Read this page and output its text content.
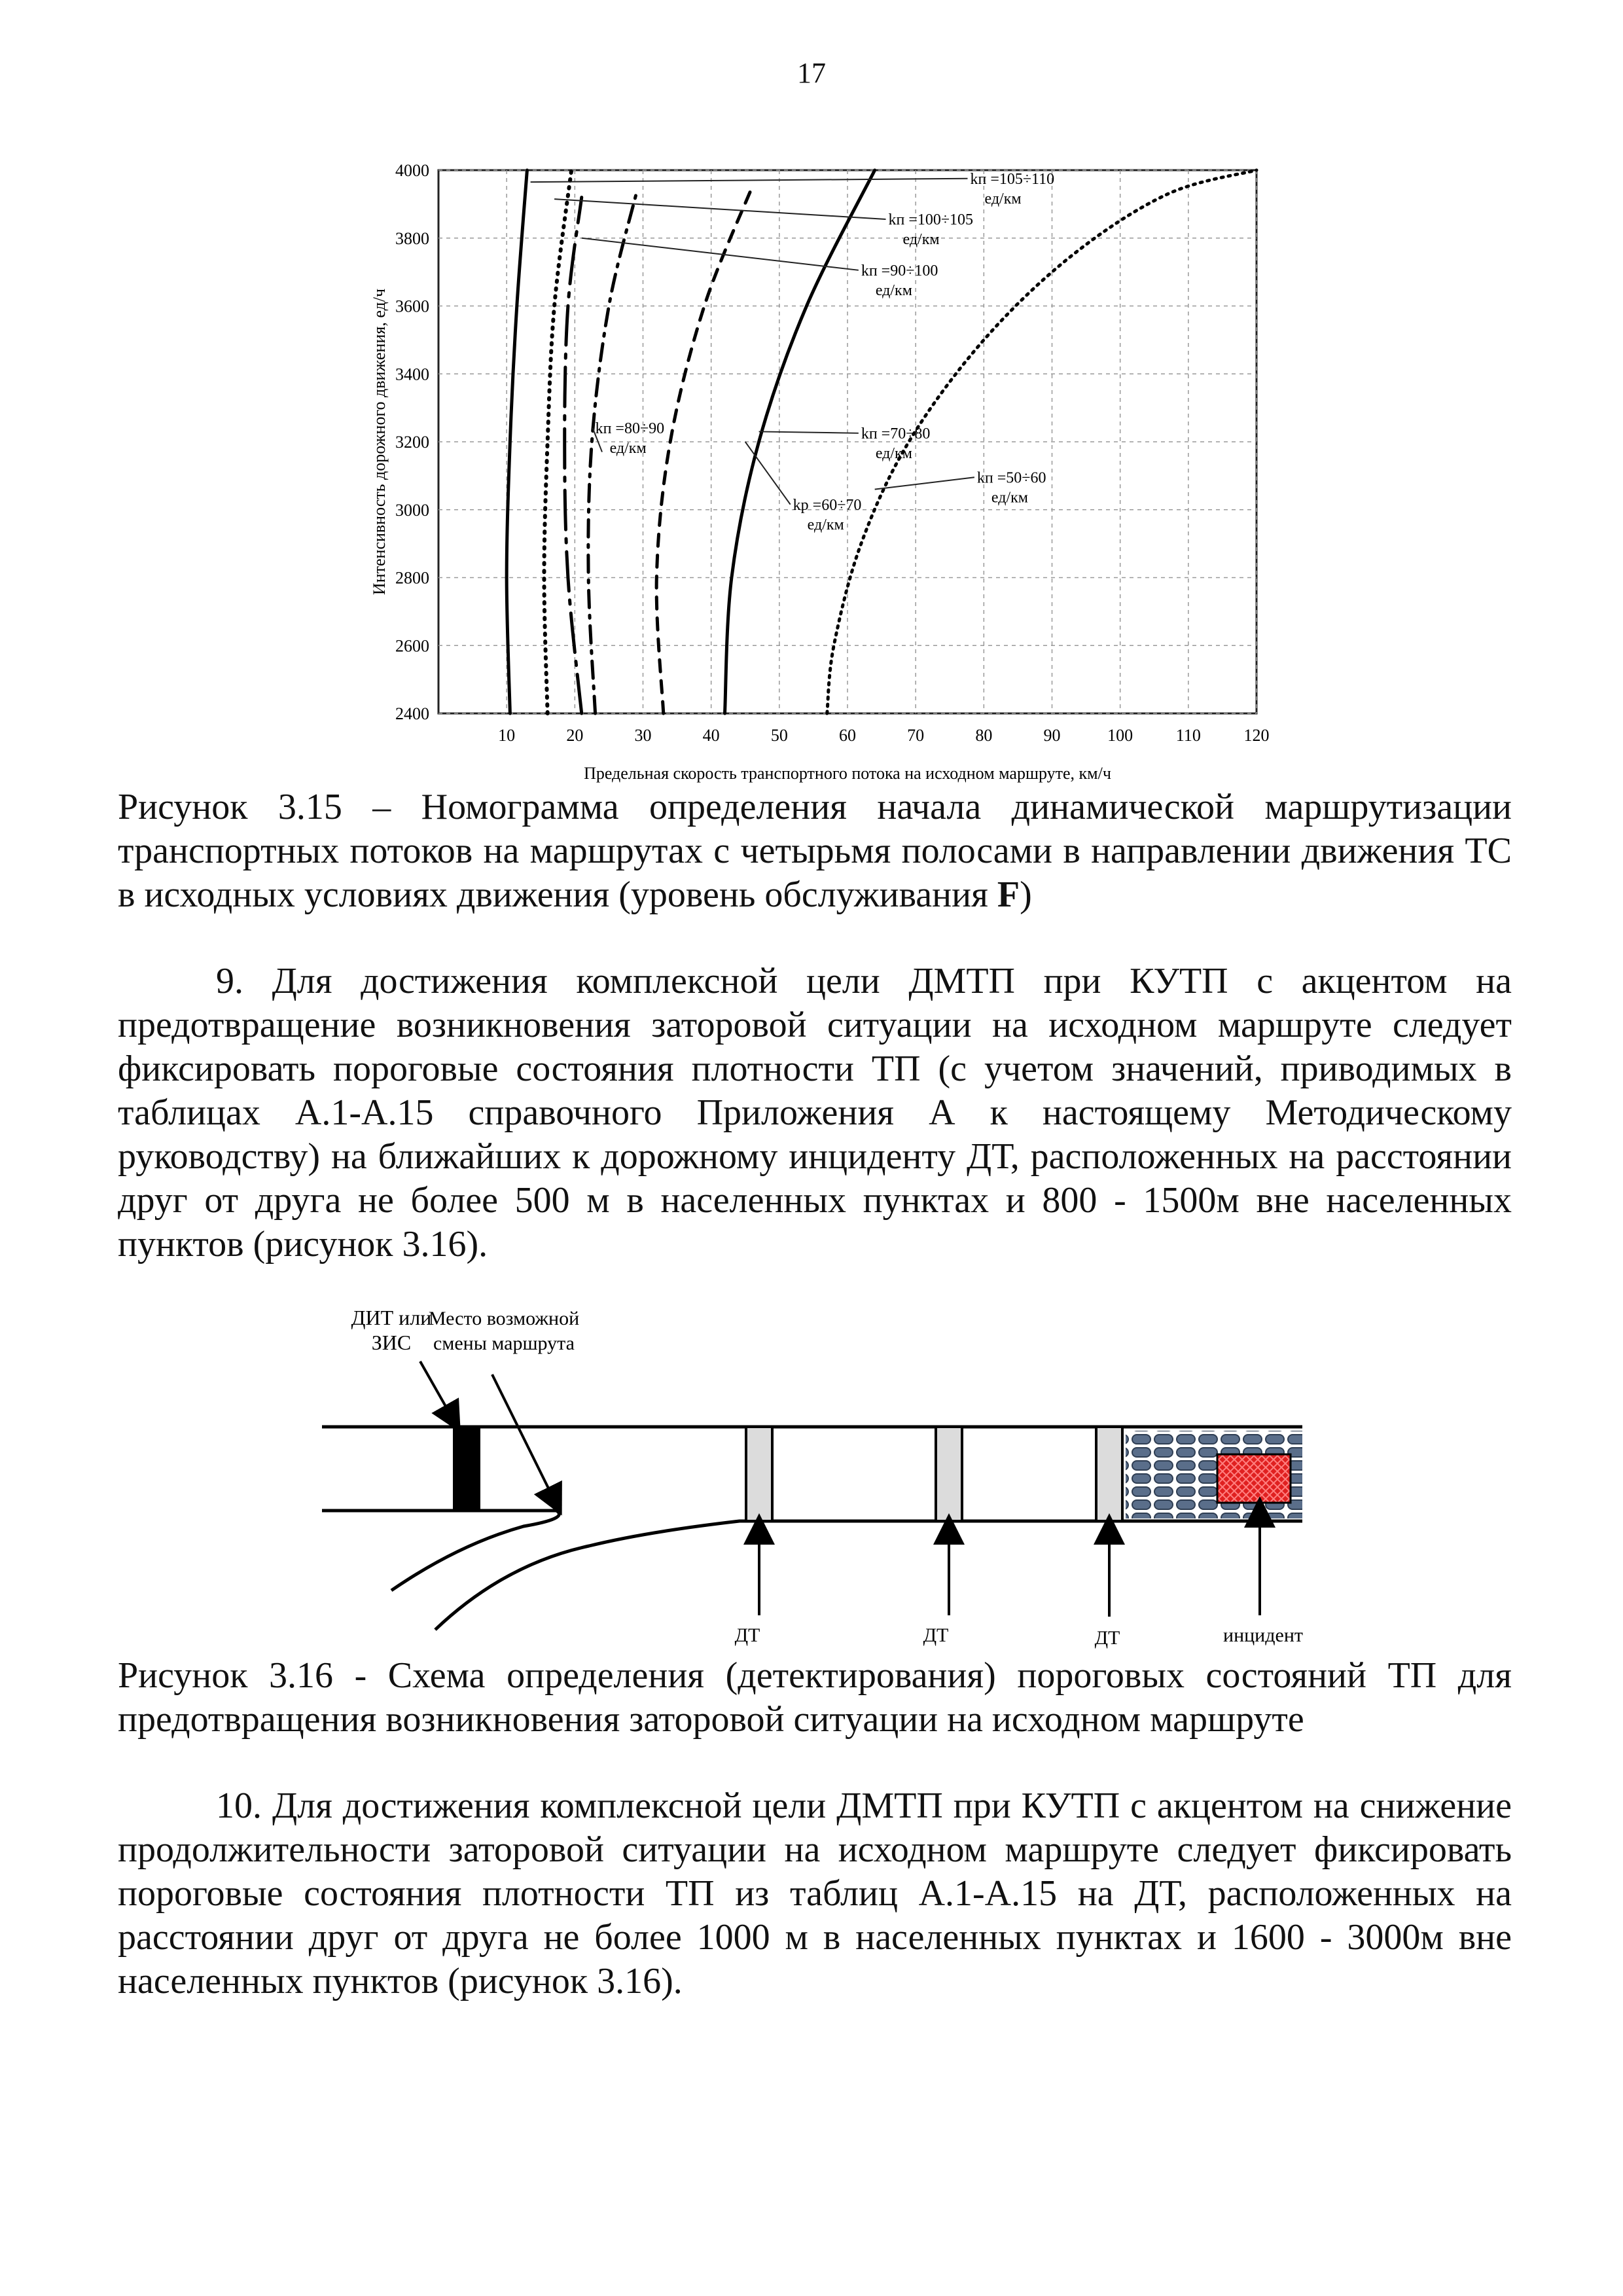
17
10	20	30	40	50	60	70	80	90	100	110	120
2400
2600
2800
3000
3200
3400
3600
3800
4000
Предельная скорость транспортного потока на исходном маршруте, км/ч
Интенсивность дорожного движения, ед/ч
kп =105÷110
ед/км
kп =100÷105
ед/км
kп =90÷100
ед/км
kп =80÷90
ед/км
kп =70÷80
ед/км
kр =60÷70
ед/км
kп =50÷60
ед/км

Рисунок 3.15 – Номограмма определения начала динамической маршрутизации транспортных потоков на маршрутах с четырьмя полосами в направлении движения ТС в исходных условиях движения (уровень обслуживания F)

9. Для достижения комплексной цели ДМТП при КУТП с акцентом на предотвращение возникновения заторовой ситуации на исходном маршруте следует фиксировать пороговые состояния плотности ТП (с учетом значений, приводимых в таблицах А.1-А.15 справочного Приложения А к настоящему Методическому руководству) на ближайших к дорожному инциденту ДТ, расположенных на расстоянии друг от друга не более 500 м в населенных пунктах и 800 - 1500м вне населенных пунктов (рисунок 3.16).

ДИТ или
ЗИС
Место возможной
смены маршрута
ДТ	ДТ	ДТ	инцидент

Рисунок 3.16 - Схема определения (детектирования) пороговых состояний ТП для предотвращения возникновения заторовой ситуации на исходном маршруте

10. Для достижения комплексной цели ДМТП при КУТП с акцентом на снижение продолжительности заторовой ситуации на исходном маршруте следует фиксировать пороговые состояния плотности ТП из таблиц А.1-А.15 на ДТ, расположенных на расстоянии друг от друга не более 1000 м в населенных пунктах и 1600 - 3000м вне населенных пунктов (рисунок 3.16).
